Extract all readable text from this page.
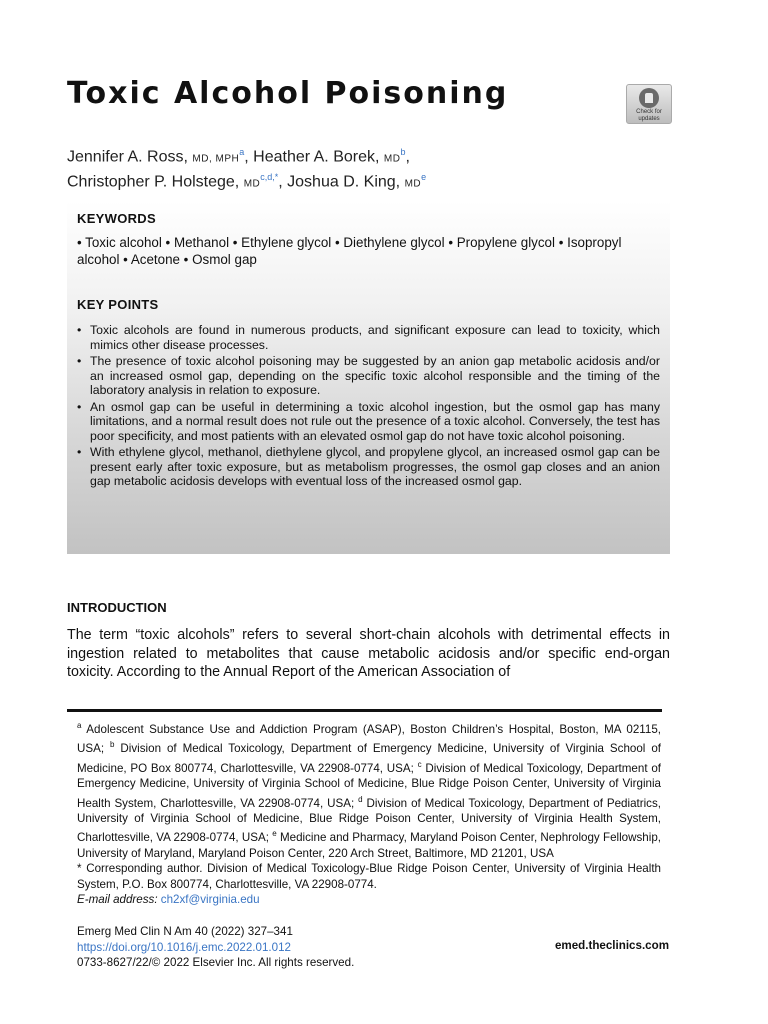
Toxic Alcohol Poisoning
Check for
updates
Jennifer A. Ross, MD, MPH$^a$, Heather A. Borek, $MD^b$,
Christopher P. Holstege, $MD^{c,d,*}$, Joshua D. King, MDe
KEYWORDS
• Toxic alcohol • Methanol • Ethylene glycol • Diethylene glycol • Propylene glycol • Isopropyl alcohol • Acetone • Osmol gap
KEY POINTS
• Toxic alcohols are found in numerous products, and significant exposure can lead to toxicity, which mimics other disease processes.
• The presence of toxic alcohol poisoning may be suggested by an anion gap metabolic acidosis and/or an increased osmol gap, depending on the specific toxic alcohol responsible and the timing of the laboratory analysis in relation to exposure.
• An osmol gap can be useful in determining a toxic alcohol ingestion, but the osmol gap has many limitations, and a normal result does not rule out the presence of a toxic alcohol. Conversely, the test has poor specificity, and most patients with an elevated osmol gap do not have toxic alcohol poisoning.
• With ethylene glycol, methanol, diethylene glycol, and propylene glycol, an increased osmol gap can be present early after toxic exposure, but as metabolism progresses, the osmol gap closes and an anion gap metabolic acidosis develops with eventual loss of the increased osmol gap.
INTRODUCTION

The term “toxic alcohols” refers to several short-chain alcohols with detrimental effects in ingestion related to metabolites that cause metabolic acidosis and/or specific end-organ toxicity. According to the Annual Report of the American Association of

$^a$ Adolescent Substance Use and Addiction Program (ASAP), Boston Children’s Hospital, Boston, MA 02115, USA; $^b$ Division of Medical Toxicology, Department of Emergency Medicine, University of Virginia School of Medicine, PO Box 800774, Charlottesville, VA 22908-0774, USA; $^c$ Division of Medical Toxicology, Department of Emergency Medicine, University of Virginia School of Medicine, Blue Ridge Poison Center, University of Virginia Health System, Charlottesville, VA 22908-0774, USA; $^d$ Division of Medical Toxicology, Department of Pediatrics, University of Virginia School of Medicine, Blue Ridge Poison Center, University of Virginia Health System, Charlottesville, VA 22908-0774, USA; $^e$ Medicine and Pharmacy, Maryland Poison Center, Nephrology Fellowship, University of Maryland, Maryland Poison Center, 220 Arch Street, Baltimore, MD 21201, USA
* Corresponding author. Division of Medical Toxicology-Blue Ridge Poison Center, University of Virginia Health System, P.O. Box 800774, Charlottesville, VA 22908-0774.
E-mail address: ch2xf@virginia.edu

Emerg Med Clin N Am 40 (2022) 327–341
https://doi.org/10.1016/j.emc.2022.01.012
0733-8627/22/© 2022 Elsevier Inc. All rights reserved.
emed.theclinics.com
